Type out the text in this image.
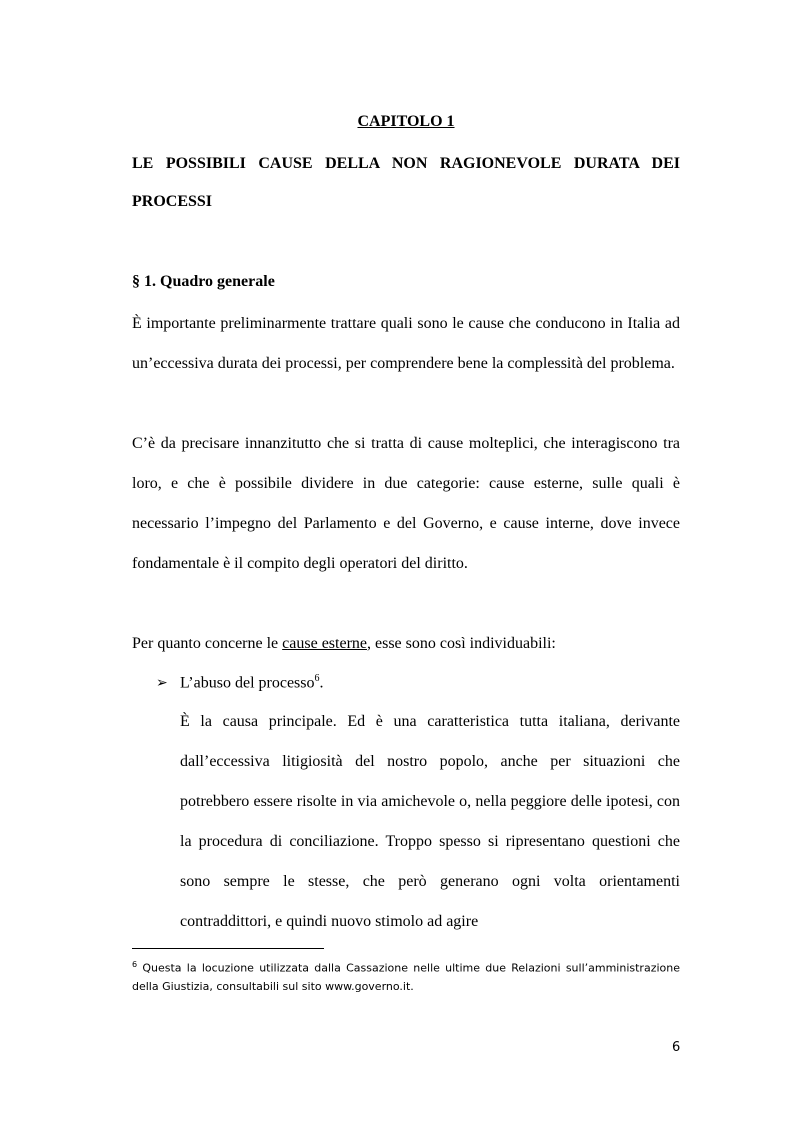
CAPITOLO 1
LE POSSIBILI CAUSE DELLA NON RAGIONEVOLE DURATA DEI
PROCESSI
§ 1. Quadro generale
È importante preliminarmente trattare quali sono le cause che conducono in Italia ad un’eccessiva durata dei processi, per comprendere bene la complessità del problema.
C’è da precisare innanzitutto che si tratta di cause molteplici, che interagiscono tra loro, e che è possibile dividere in due categorie: cause esterne, sulle quali è necessario l’impegno del Parlamento e del Governo, e cause interne, dove invece fondamentale è il compito degli operatori del diritto.
Per quanto concerne le cause esterne, esse sono così individuabili:
➢ L’abuso del processo$^6$.
È la causa principale. Ed è una caratteristica tutta italiana, derivante dall’eccessiva litigiosità del nostro popolo, anche per situazioni che potrebbero essere risolte in via amichevole o, nella peggiore delle ipotesi, con la procedura di conciliazione. Troppo spesso si ripresentano questioni che sono sempre le stesse, che però generano ogni volta orientamenti contraddittori, e quindi nuovo stimolo ad agire
$^6$ Questa la locuzione utilizzata dalla Cassazione nelle ultime due Relazioni sull’amministrazione della Giustizia, consultabili sul sito www.governo.it.
6
